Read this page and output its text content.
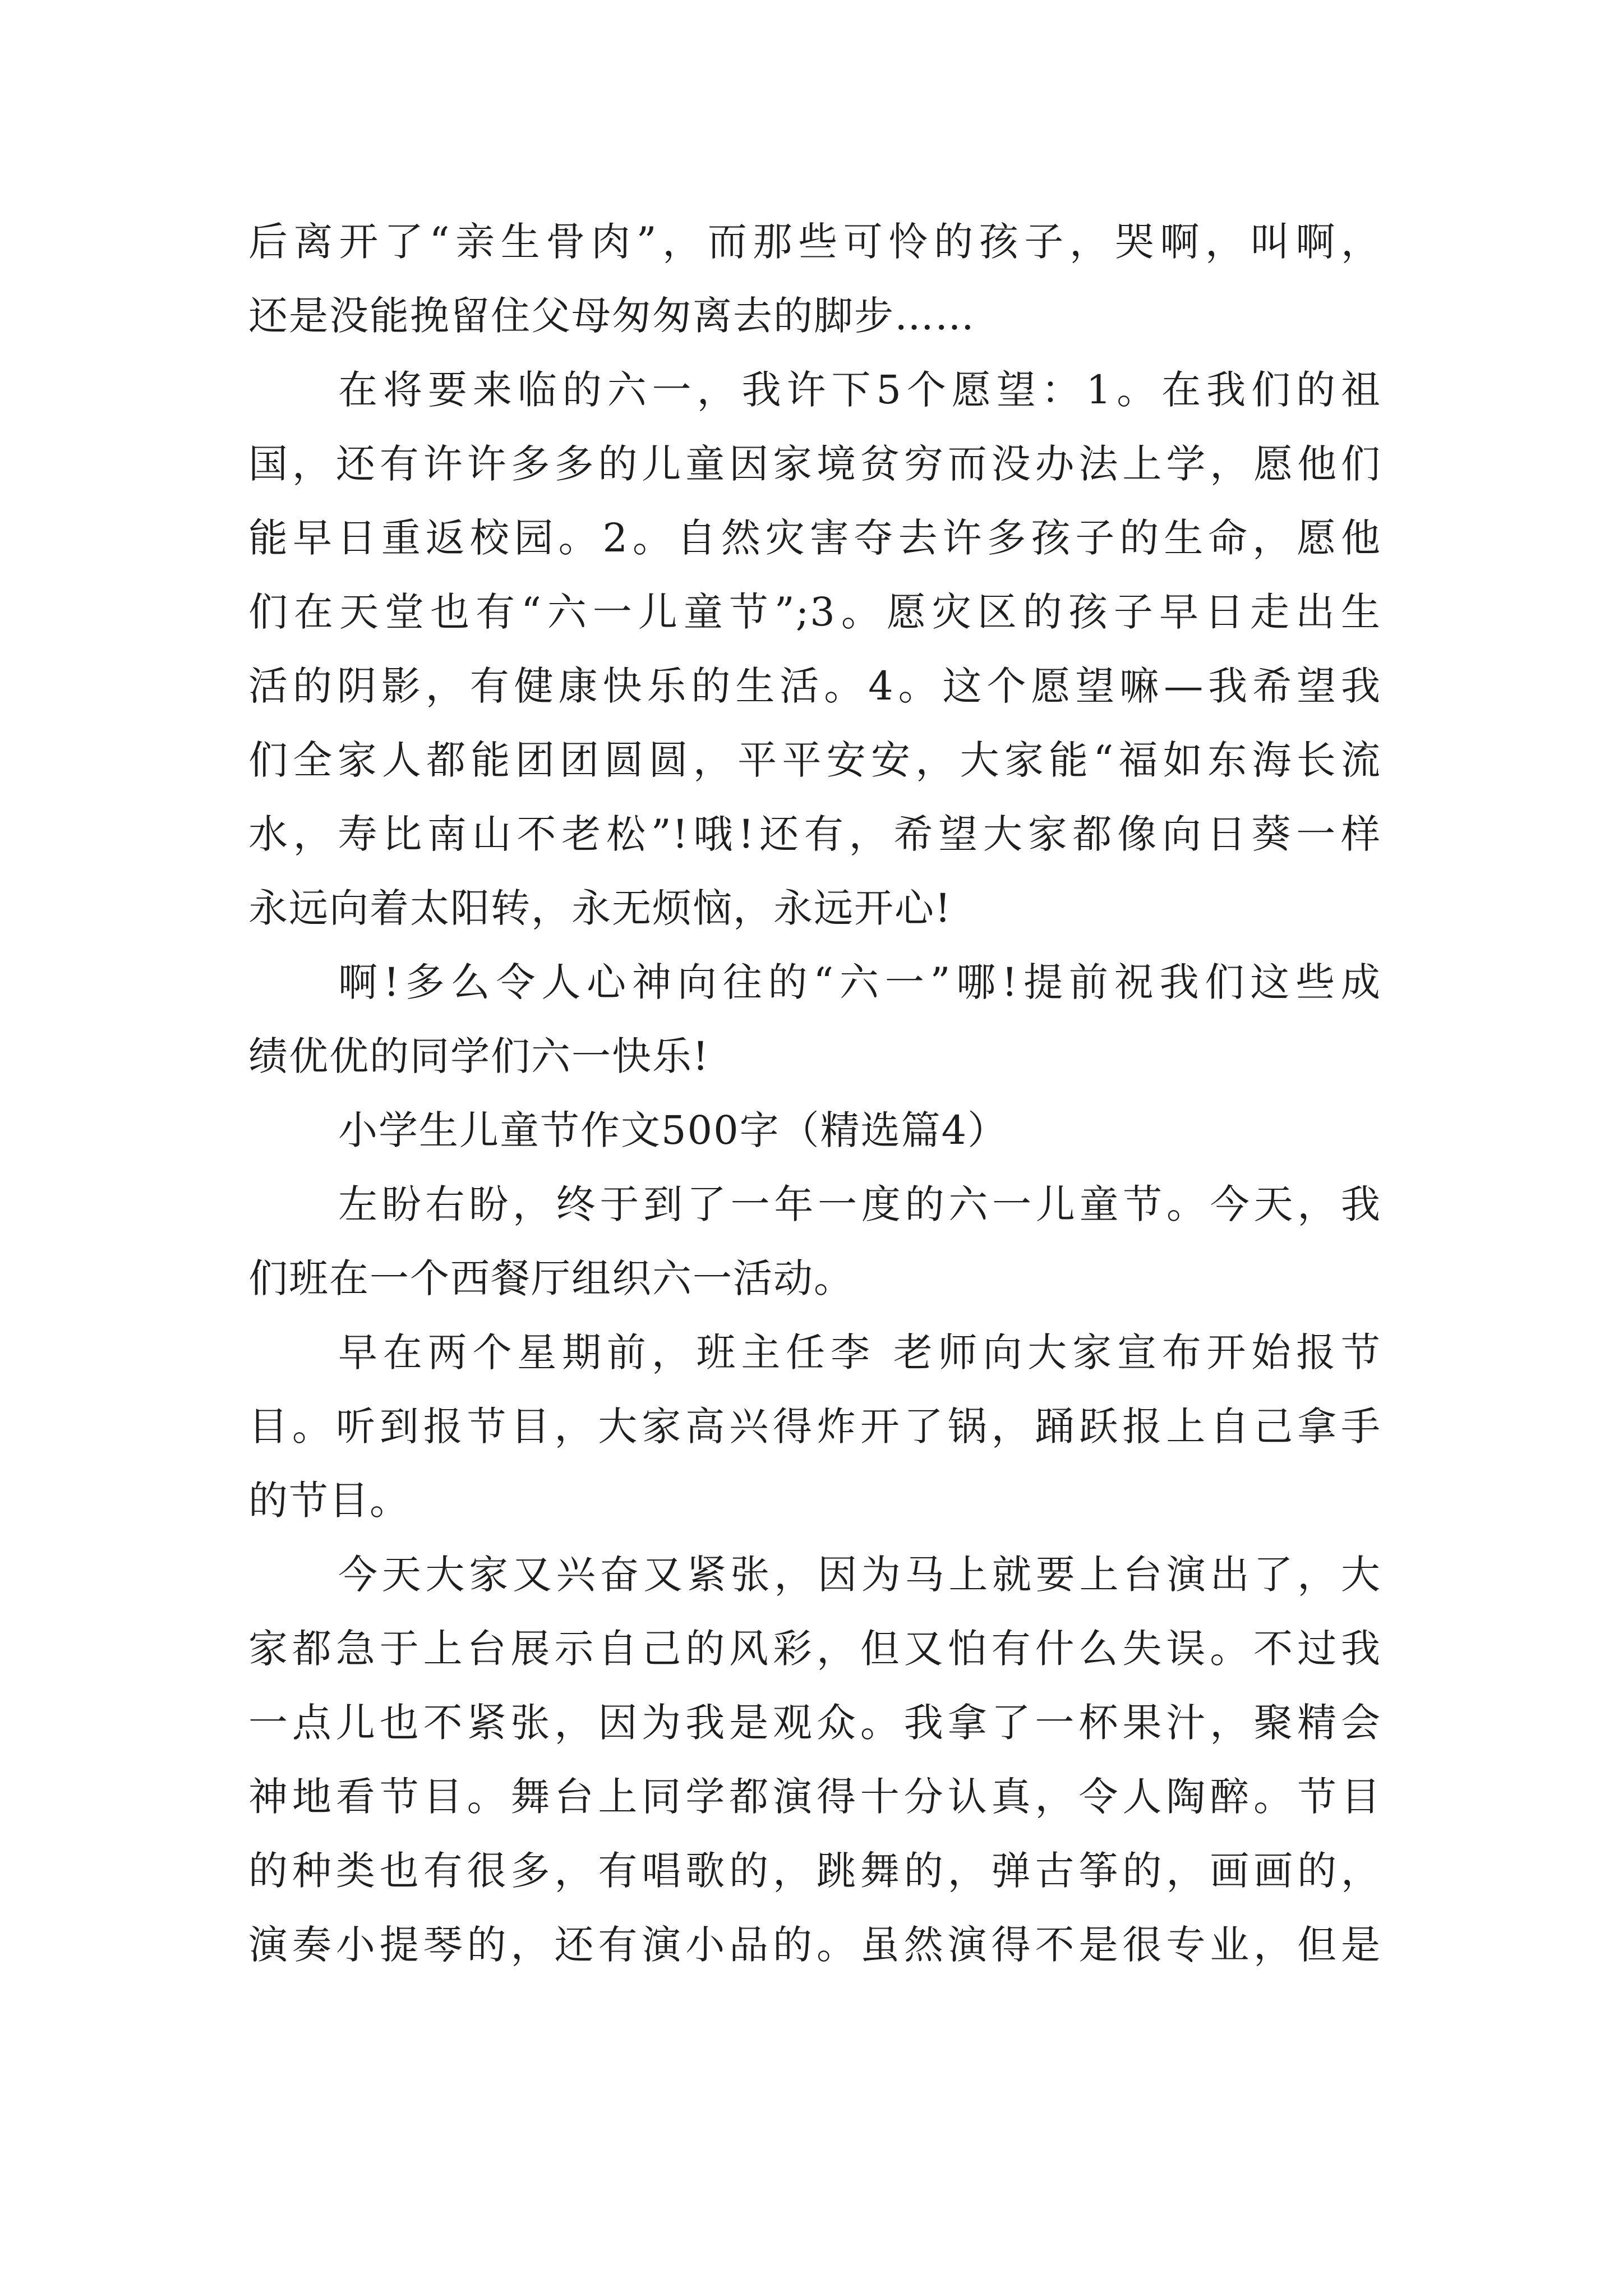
后离开了“亲生骨肉”，而那些可怜的孩子，哭啊，叫啊，
还是没能挽留住父母匆匆离去的脚步……
在将要来临的六一，我许下5个愿望：1。在我们的祖
国，还有许许多多的儿童因家境贫穷而没办法上学，愿他们
能早日重返校园。2。自然灾害夺去许多孩子的生命，愿他
们在天堂也有“六一儿童节”;3。愿灾区的孩子早日走出生
活的阴影，有健康快乐的生活。4。这个愿望嘛—我希望我
们全家人都能团团圆圆，平平安安，大家能“福如东海长流
水，寿比南山不老松”!哦!还有，希望大家都像向日葵一样
永远向着太阳转，永无烦恼，永远开心!
啊!多么令人心神向往的“六一”哪!提前祝我们这些成
绩优优的同学们六一快乐!
小学生儿童节作文500字（精选篇4）
左盼右盼，终于到了一年一度的六一儿童节。今天，我
们班在一个西餐厅组织六一活动。
早在两个星期前，班主任李 老师向大家宣布开始报节
目。听到报节目，大家高兴得炸开了锅，踊跃报上自己拿手
的节目。
今天大家又兴奋又紧张，因为马上就要上台演出了，大
家都急于上台展示自己的风彩，但又怕有什么失误。不过我
一点儿也不紧张，因为我是观众。我拿了一杯果汁，聚精会
神地看节目。舞台上同学都演得十分认真，令人陶醉。节目
的种类也有很多，有唱歌的，跳舞的，弹古筝的，画画的，
演奏小提琴的，还有演小品的。虽然演得不是很专业，但是
